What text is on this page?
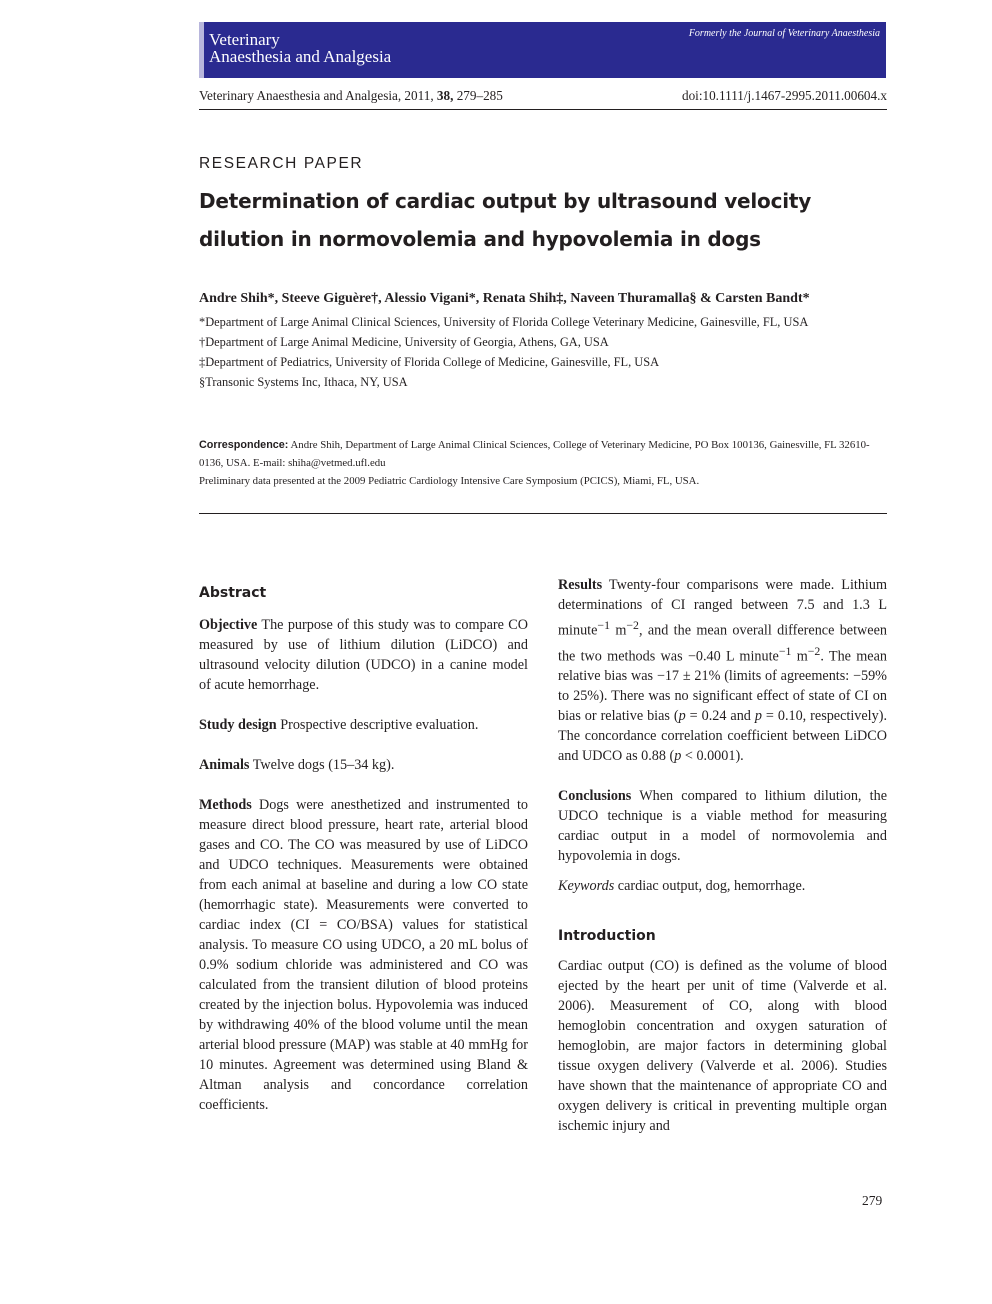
Veterinary
Anaesthesia and Analgesia
Formerly the Journal of Veterinary Anaesthesia
Veterinary Anaesthesia and Analgesia, 2011, 38, 279–285	doi:10.1111/j.1467-2995.2011.00604.x
RESEARCH PAPER
Determination of cardiac output by ultrasound velocity dilution in normovolemia and hypovolemia in dogs
Andre Shih*, Steeve Giguère†, Alessio Vigani*, Renata Shih‡, Naveen Thuramalla§ & Carsten Bandt*
*Department of Large Animal Clinical Sciences, University of Florida College Veterinary Medicine, Gainesville, FL, USA
†Department of Large Animal Medicine, University of Georgia, Athens, GA, USA
‡Department of Pediatrics, University of Florida College of Medicine, Gainesville, FL, USA
§Transonic Systems Inc, Ithaca, NY, USA
Correspondence: Andre Shih, Department of Large Animal Clinical Sciences, College of Veterinary Medicine, PO Box 100136, Gainesville, FL 32610-0136, USA. E-mail: shiha@vetmed.ufl.edu
Preliminary data presented at the 2009 Pediatric Cardiology Intensive Care Symposium (PCICS), Miami, FL, USA.
Abstract

Objective The purpose of this study was to compare CO measured by use of lithium dilution (LiDCO) and ultrasound velocity dilution (UDCO) in a canine model of acute hemorrhage.

Study design Prospective descriptive evaluation.

Animals Twelve dogs (15–34 kg).

Methods Dogs were anesthetized and instrumented to measure direct blood pressure, heart rate, arterial blood gases and CO. The CO was measured by use of LiDCO and UDCO techniques. Measurements were obtained from each animal at baseline and during a low CO state (hemorrhagic state). Measurements were converted to cardiac index (CI = CO/BSA) values for statistical analysis. To measure CO using UDCO, a 20 mL bolus of 0.9% sodium chloride was administered and CO was calculated from the transient dilution of blood proteins created by the injection bolus. Hypovolemia was induced by withdrawing 40% of the blood volume until the mean arterial blood pressure (MAP) was stable at 40 mmHg for 10 minutes. Agreement was determined using Bland & Altman analysis and concordance correlation coefficients.

Results Twenty-four comparisons were made. Lithium determinations of CI ranged between 7.5 and 1.3 L minute$^{-1}$ $m^{-2}$, and the mean overall difference between the two methods was −0.40 L minute$^{-1}$ $m^{-2}$. The mean relative bias was −17 ± 21% (limits of agreements: −59% to 25%). There was no significant effect of state of CI on bias or relative bias (p = 0.24 and p = 0.10, respectively). The concordance correlation coefficient between LiDCO and UDCO as 0.88 (p < 0.0001).

Conclusions When compared to lithium dilution, the UDCO technique is a viable method for measuring cardiac output in a model of normovolemia and hypovolemia in dogs.

Keywords cardiac output, dog, hemorrhage.

Introduction

Cardiac output (CO) is defined as the volume of blood ejected by the heart per unit of time (Valverde et al. 2006). Measurement of CO, along with blood hemoglobin concentration and oxygen saturation of hemoglobin, are major factors in determining global tissue oxygen delivery (Valverde et al. 2006). Studies have shown that the maintenance of appropriate CO and oxygen delivery is critical in preventing multiple organ ischemic injury and

279
